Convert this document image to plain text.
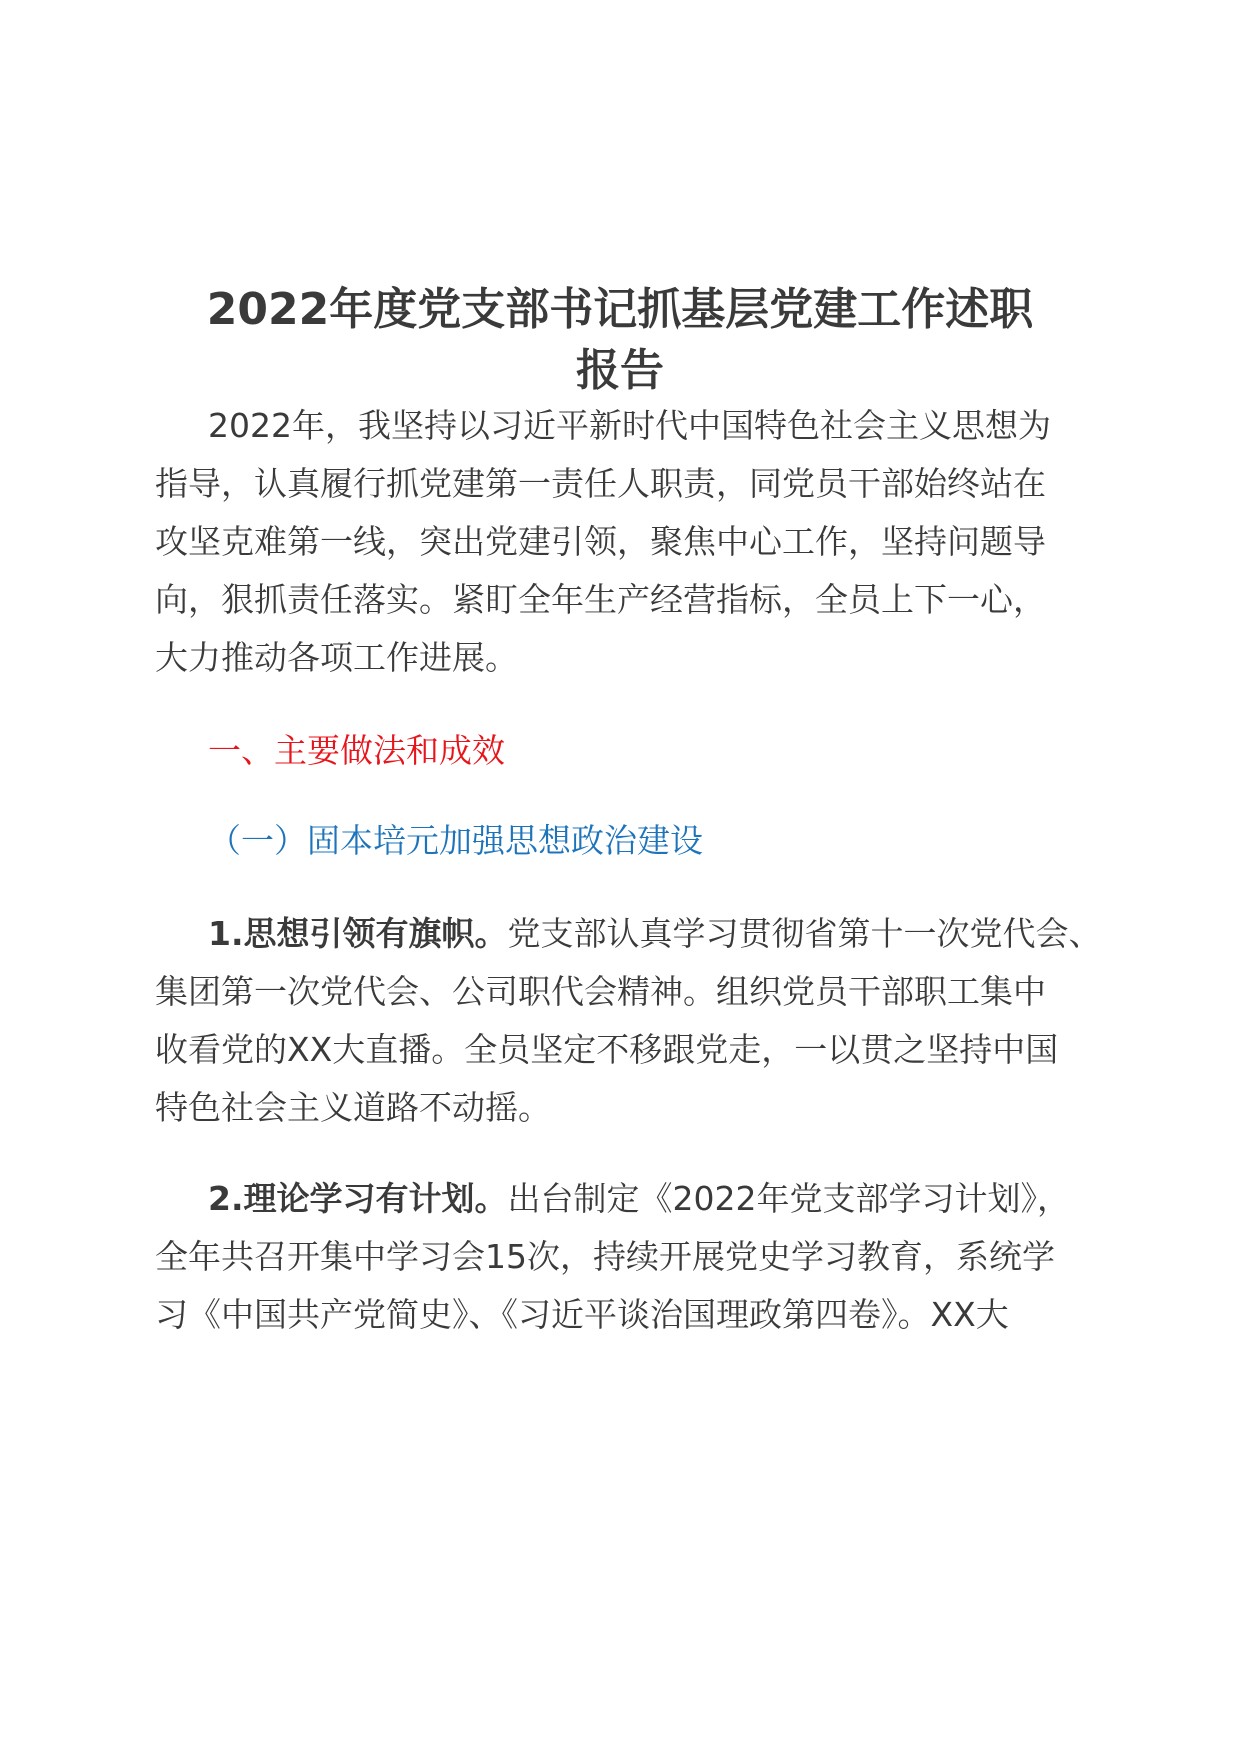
2022年度党支部书记抓基层党建工作述职
报告
2022年，我坚持以习近平新时代中国特色社会主义思想为
指导，认真履行抓党建第一责任人职责，同党员干部始终站在
攻坚克难第一线，突出党建引领，聚焦中心工作，坚持问题导
向，狠抓责任落实。紧盯全年生产经营指标，全员上下一心，
大力推动各项工作进展。
一、主要做法和成效
（一）固本培元加强思想政治建设
1.思想引领有旗帜。党支部认真学习贯彻省第十一次党代会、
集团第一次党代会、公司职代会精神。组织党员干部职工集中
收看党的XX大直播。全员坚定不移跟党走，一以贯之坚持中国
特色社会主义道路不动摇。
2.理论学习有计划。出台制定《2022年党支部学习计划》，
全年共召开集中学习会15次，持续开展党史学习教育，系统学
习《中国共产党简史》、《习近平谈治国理政第四卷》。XX大
